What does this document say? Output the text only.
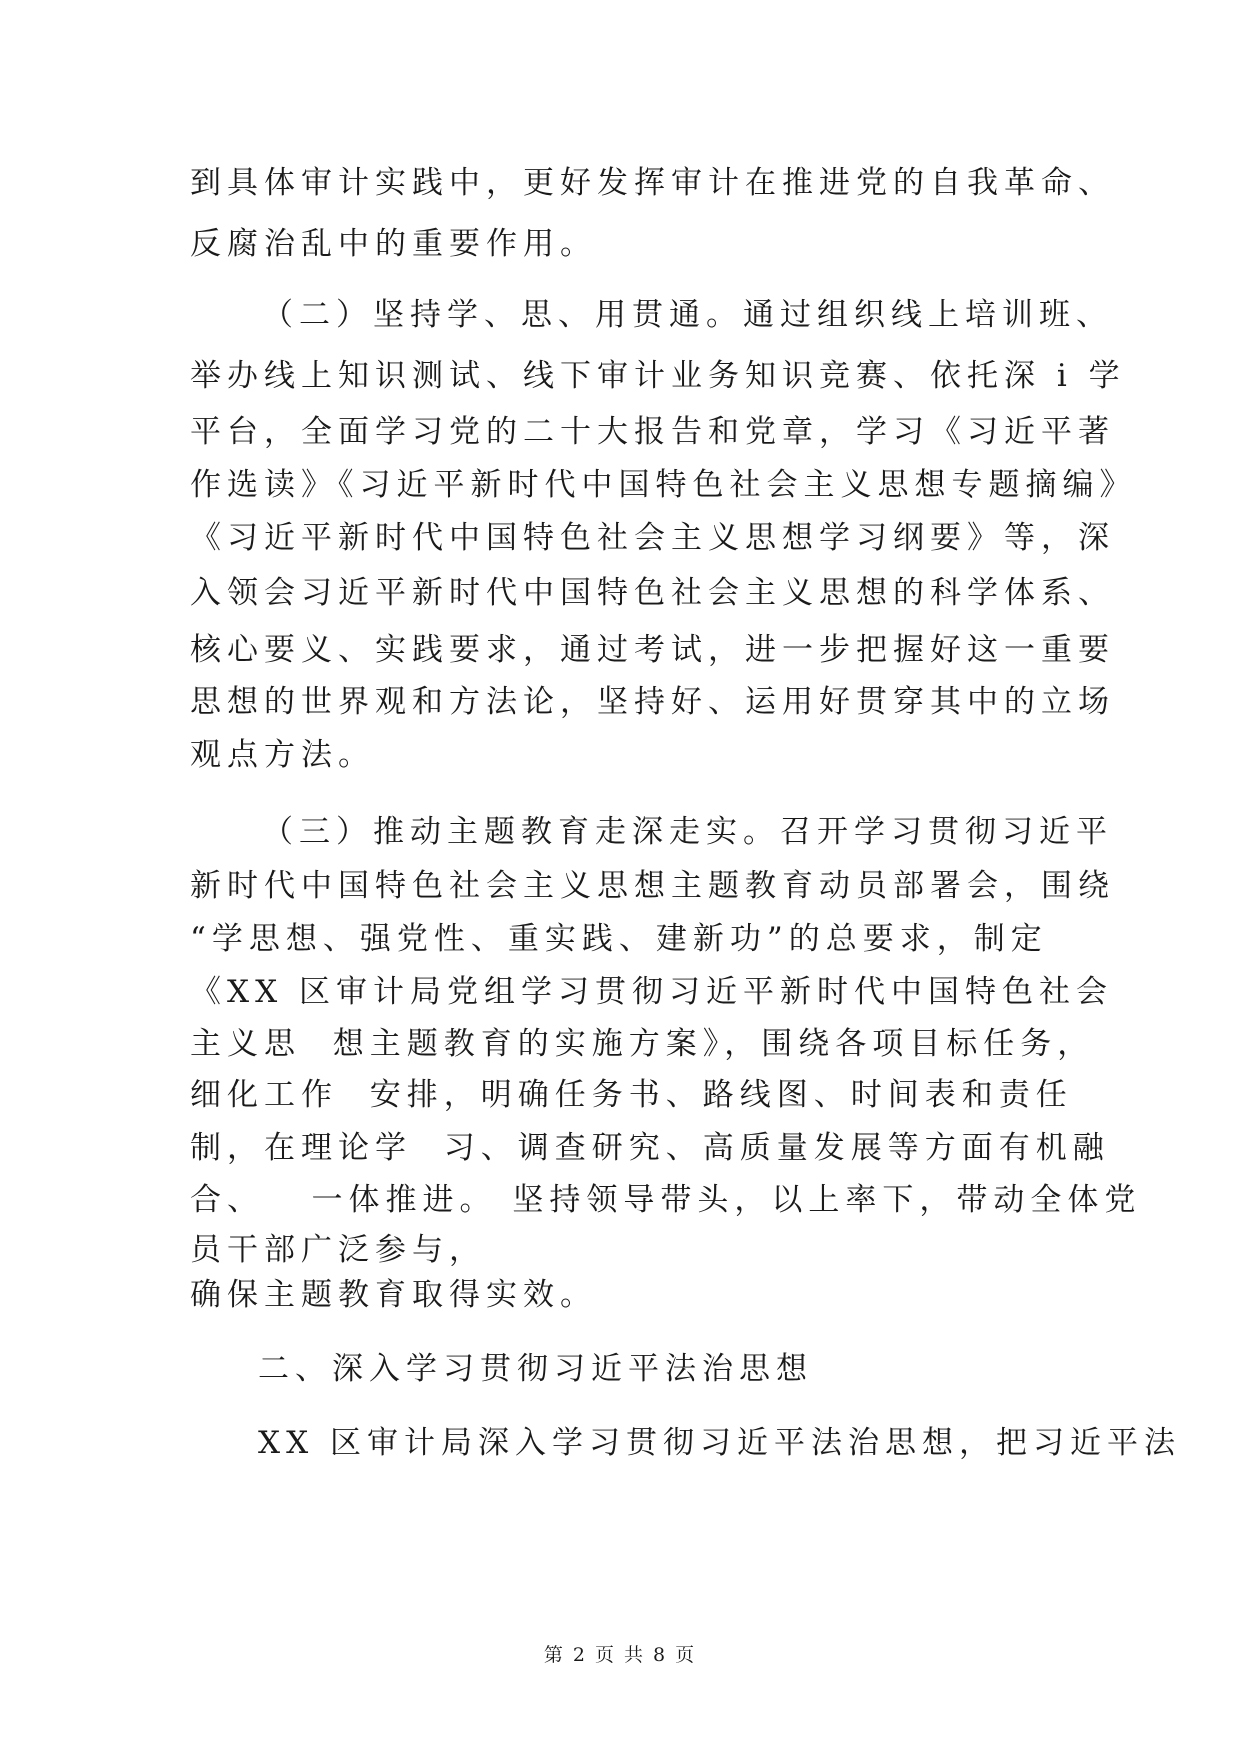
到具体审计实践中，更好发挥审计在推进党的自我革命、

反腐治乱中的重要作用。

（二）坚持学、思、用贯通。通过组织线上培训班、

举办线上知识测试、线下审计业务知识竞赛、依托深 i 学

平台，全面学习党的二十大报告和党章，学习《习近平著

作选读》《习近平新时代中国特色社会主义思想专题摘编》

《习近平新时代中国特色社会主义思想学习纲要》等，深

入领会习近平新时代中国特色社会主义思想的科学体系、

核心要义、实践要求，通过考试，进一步把握好这一重要

思想的世界观和方法论，坚持好、运用好贯穿其中的立场

观点方法。

（三）推动主题教育走深走实。召开学习贯彻习近平

新时代中国特色社会主义思想主题教育动员部署会，围绕

“学思想、强党性、重实践、建新功”的总要求，制定

《XX 区审计局党组学习贯彻习近平新时代中国特色社会

主义思  想主题教育的实施方案》，围绕各项目标任务，

细化工作  安排，明确任务书、路线图、时间表和责任

制，在理论学  习、调查研究、高质量发展等方面有机融

合、   一体推进。 坚持领导带头，以上率下，带动全体党

员干部广泛参与，

确保主题教育取得实效。

二、深入学习贯彻习近平法治思想

XX 区审计局深入学习贯彻习近平法治思想，把习近平法

第 2 页 共 8 页
